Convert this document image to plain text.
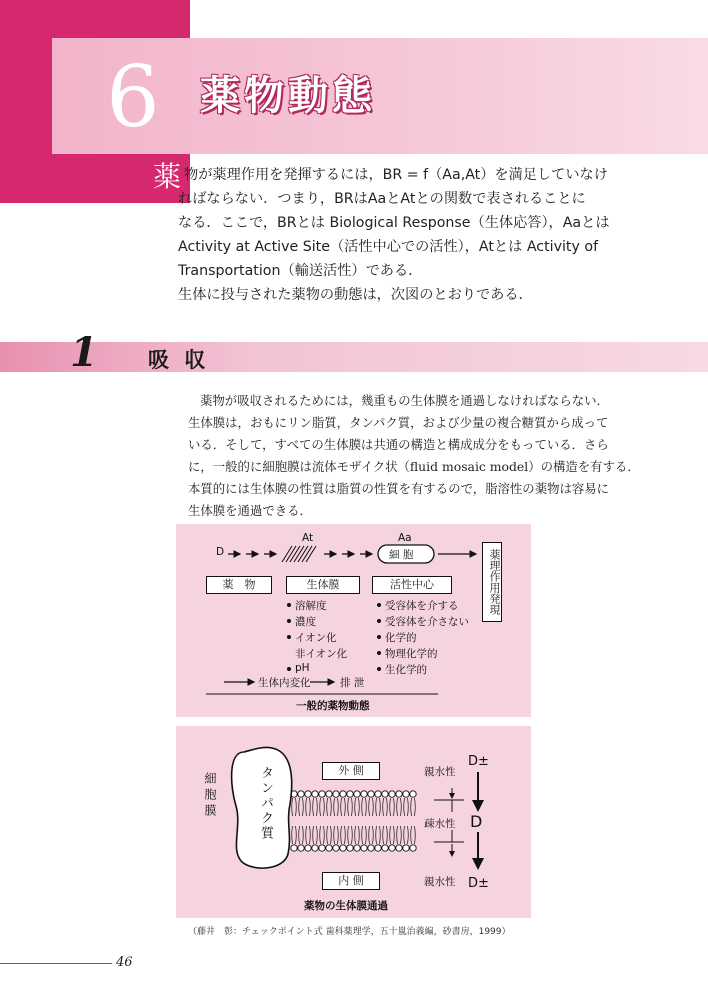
6	薬物動態
薬 物が薬理作用を発揮するには，BR = f（Aa,At）を満足していなけ
ればならない．つまり，BRはAaとAtとの関数で表されることに
なる．ここで，BRとは Biological Response（生体応答），Aaとは
Activity at Active Site（活性中心での活性），Atとは Activity of
Transportation（輸送活性）である．
生体に投与された薬物の動態は，次図のとおりである．
1 吸 収
薬物が吸収されるためには，幾重もの生体膜を通過しなければならない．
生体膜は，おもにリン脂質，タンパク質，および少量の複合糖質から成って
いる．そして，すべての生体膜は共通の構造と構成成分をもっている．さら
に，一般的に細胞膜は流体モザイク状（fluid mosaic model）の構造を有する．
本質的には生体膜の性質は脂質の性質を有するので，脂溶性の薬物は容易に
生体膜を通過できる．
D
At	Aa
細 胞	薬理作用発現
薬　物	生体膜	活性中心
溶解度
濃度
イオン化
非イオン化
pH
受容体を介する
受容体を介さない
化学的
物理化学的
生化学的
生体内変化	排 泄
一般的薬物動態
タンパク質
細胞膜
外 側
内 側
親水性
疎水性
親水性
D±
D
D±
薬物の生体膜通過
（藤井　彰：チェックポイント式 歯科薬理学，五十嵐治義編，砂書房，1999）
46
